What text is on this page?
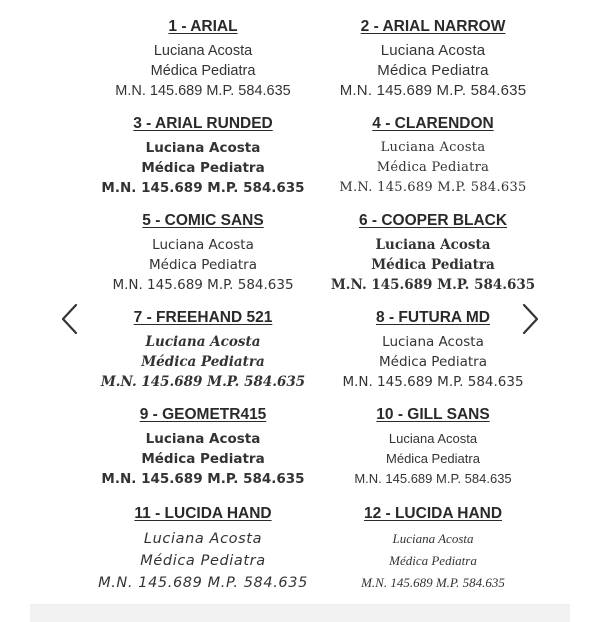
1 - ARIAL
Luciana Acosta
Médica Pediatra
M.N. 145.689 M.P. 584.635
2 - ARIAL NARROW
Luciana Acosta
Médica Pediatra
M.N. 145.689 M.P. 584.635
3 - ARIAL RUNDED
Luciana Acosta
Médica Pediatra
M.N. 145.689 M.P. 584.635
4 - CLARENDON
Luciana Acosta
Médica Pediatra
M.N. 145.689 M.P. 584.635
5 - COMIC SANS
Luciana Acosta
Médica Pediatra
M.N. 145.689 M.P. 584.635
6 - COOPER BLACK
Luciana Acosta
Médica Pediatra
M.N. 145.689 M.P. 584.635
7 - FREEHAND 521
Luciana Acosta
Médica Pediatra
M.N. 145.689 M.P. 584.635
8 - FUTURA MD
Luciana Acosta
Médica Pediatra
M.N. 145.689 M.P. 584.635
9 - GEOMETR415
Luciana Acosta
Médica Pediatra
M.N. 145.689 M.P. 584.635
10 - GILL SANS
Luciana Acosta
Médica Pediatra
M.N. 145.689 M.P. 584.635
11 - LUCIDA HAND
Luciana Acosta
Médica Pediatra
M.N. 145.689 M.P. 584.635
12 - LUCIDA HAND
Luciana Acosta
Médica Pediatra
M.N. 145.689 M.P. 584.635
